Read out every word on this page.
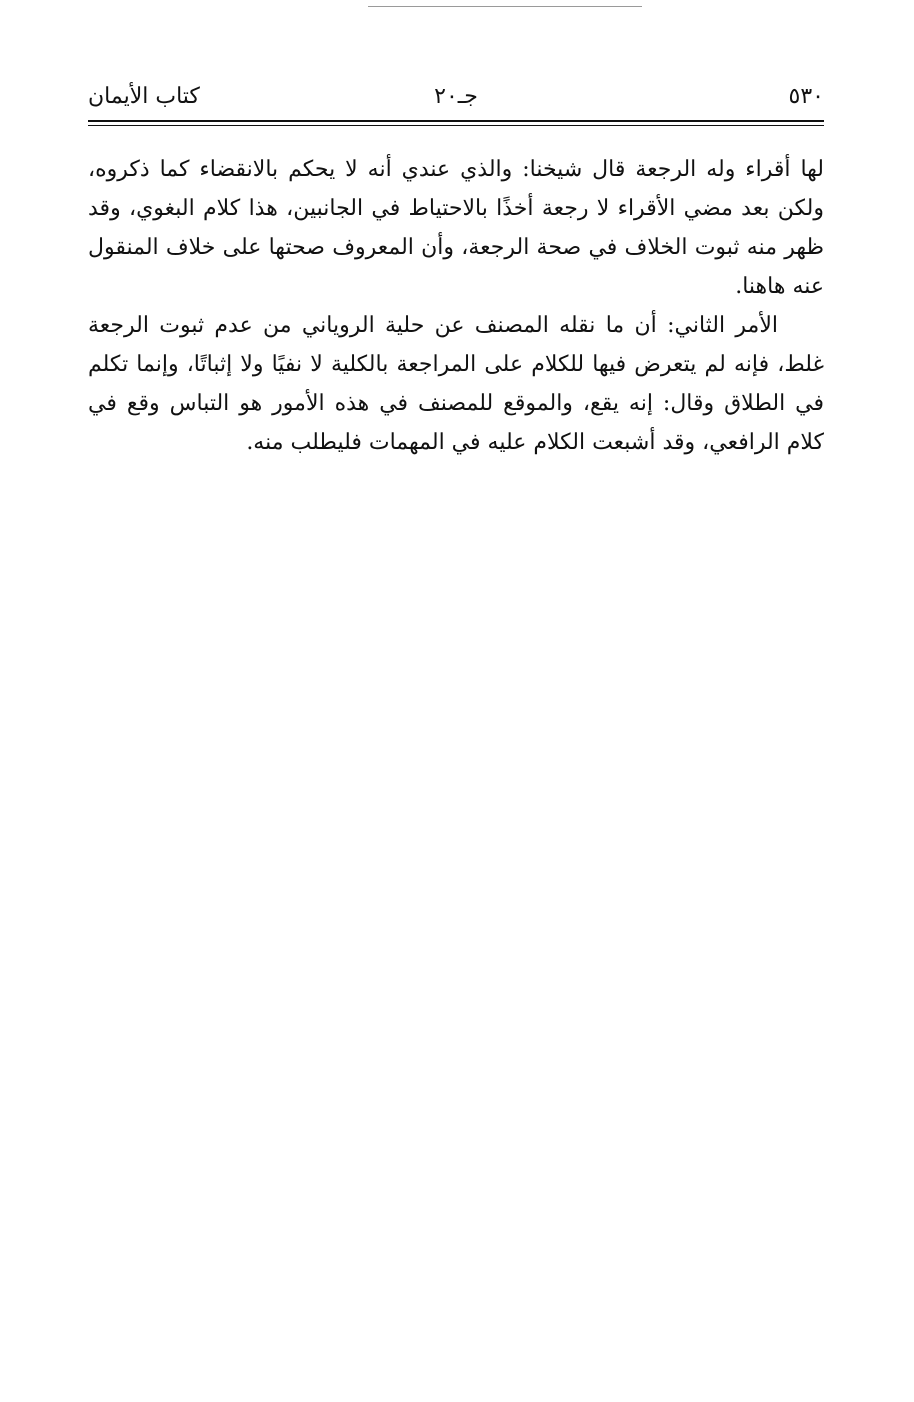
٥٣٠
جـ٢٠
كتاب الأيمان

لها أقراء وله الرجعة قال شيخنا: والذي عندي أنه لا يحكم بالانقضاء كما ذكروه، ولكن بعد مضي الأقراء لا رجعة أخذًا بالاحتياط في الجانبين، هذا كلام البغوي، وقد ظهر منه ثبوت الخلاف في صحة الرجعة، وأن المعروف صحتها على خلاف المنقول عنه هاهنا.

الأمر الثاني: أن ما نقله المصنف عن حلية الروياني من عدم ثبوت الرجعة غلط، فإنه لم يتعرض فيها للكلام على المراجعة بالكلية لا نفيًا ولا إثباتًا، وإنما تكلم في الطلاق وقال: إنه يقع، والموقع للمصنف في هذه الأمور هو التباس وقع في كلام الرافعي، وقد أشبعت الكلام عليه في المهمات فليطلب منه.
